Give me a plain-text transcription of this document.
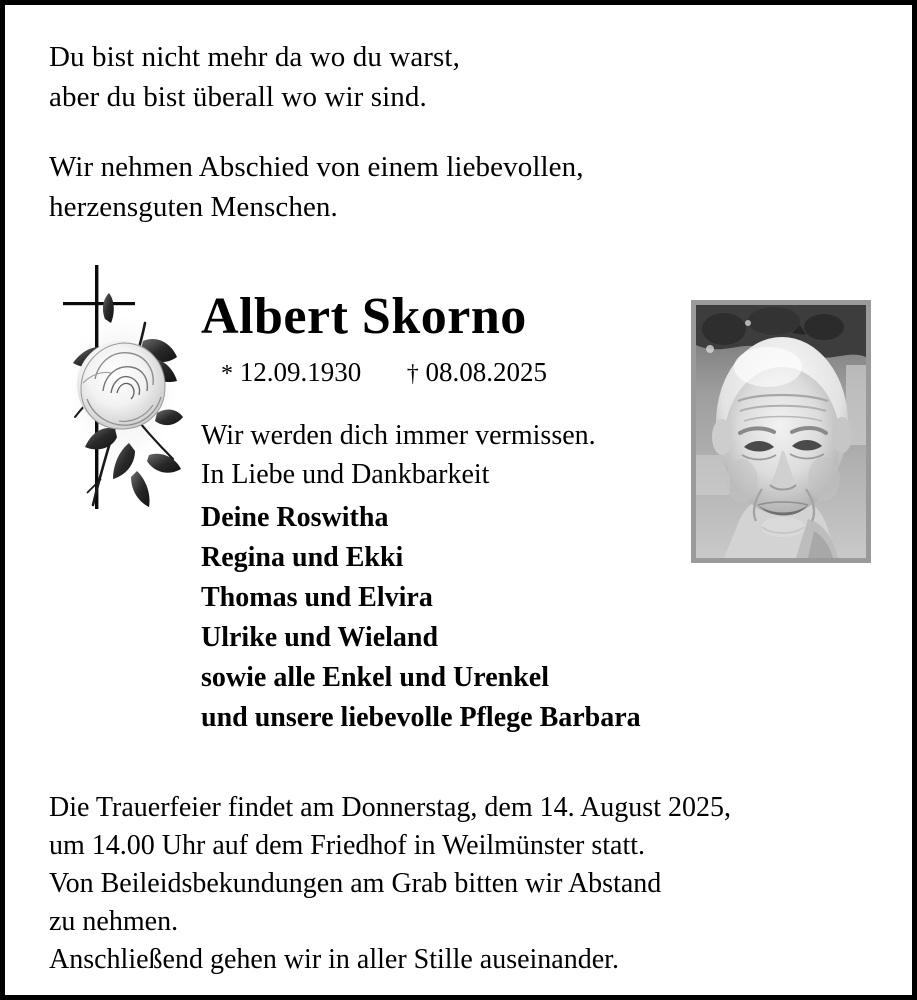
Du bist nicht mehr da wo du warst,

aber du bist überall wo wir sind.

Wir nehmen Abschied von einem liebevollen,

herzensguten Menschen.

Albert Skorno

* 12.09.1930 † 08.08.2025

Wir werden dich immer vermissen.

In Liebe und Dankbarkeit

Deine Roswitha
Regina und Ekki
Thomas und Elvira
Ulrike und Wieland
sowie alle Enkel und Urenkel
und unsere liebevolle Pflege Barbara

Die Trauerfeier findet am Donnerstag, dem 14. August 2025,

um 14.00 Uhr auf dem Friedhof in Weilmünster statt.

Von Beileidsbekundungen am Grab bitten wir Abstand

zu nehmen.

Anschließend gehen wir in aller Stille auseinander.
